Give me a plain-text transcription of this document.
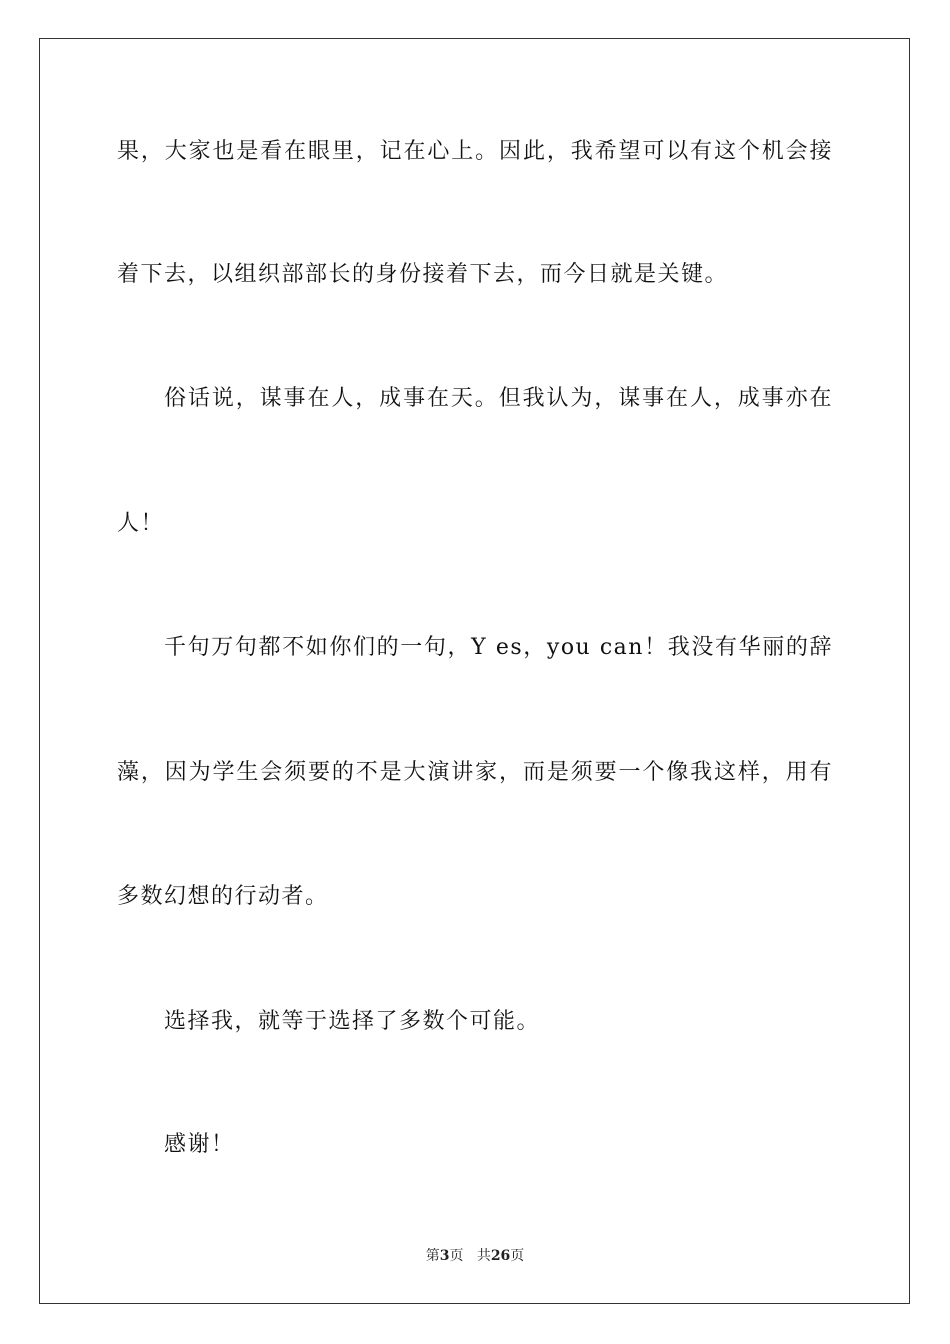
果，大家也是看在眼里，记在心上。因此，我希望可以有这个机会接

着下去，以组织部部长的身份接着下去，而今日就是关键。

俗话说，谋事在人，成事在天。但我认为，谋事在人，成事亦在

人！

千句万句都不如你们的一句，Y es，you can！我没有华丽的辞

藻，因为学生会须要的不是大演讲家，而是须要一个像我这样，用有

多数幻想的行动者。

选择我，就等于选择了多数个可能。

感谢！

第3页 共26页
